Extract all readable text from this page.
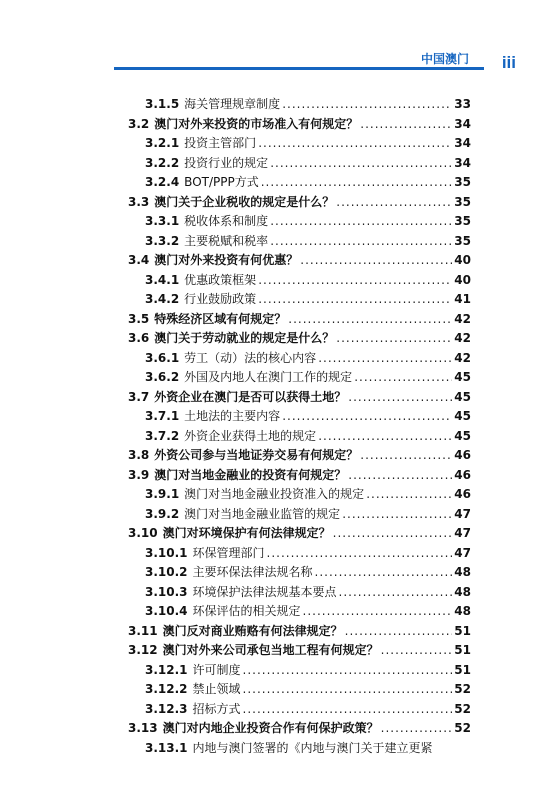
中国澳门 iii
3.1.5 海关管理规章制度 .....	33
3.2 澳门对外来投资的市场准入有何规定？ .....	34
3.2.1 投资主管部门 .....	34
3.2.2 投资行业的规定 .....	34
3.2.4 BOT/PPP方式 .....	35
3.3 澳门关于企业税收的规定是什么？ .....	35
3.3.1 税收体系和制度 .....	35
3.3.2 主要税赋和税率 .....	35
3.4 澳门对外来投资有何优惠？ .....	40
3.4.1 优惠政策框架 .....	40
3.4.2 行业鼓励政策 .....	41
3.5 特殊经济区域有何规定？ .....	42
3.6 澳门关于劳动就业的规定是什么？ .....	42
3.6.1 劳工（动）法的核心内容 .....	42
3.6.2 外国及内地人在澳门工作的规定 .....	45
3.7 外资企业在澳门是否可以获得土地？ .....	45
3.7.1 土地法的主要内容 .....	45
3.7.2 外资企业获得土地的规定 .....	45
3.8 外资公司参与当地证券交易有何规定？ .....	46
3.9 澳门对当地金融业的投资有何规定？ .....	46
3.9.1 澳门对当地金融业投资准入的规定 .....	46
3.9.2 澳门对当地金融业监管的规定 .....	47
3.10 澳门对环境保护有何法律规定？ .....	47
3.10.1 环保管理部门 .....	47
3.10.2 主要环保法律法规名称 .....	48
3.10.3 环境保护法律法规基本要点 .....	48
3.10.4 环保评估的相关规定 .....	48
3.11 澳门反对商业贿赂有何法律规定？ .....	51
3.12 澳门对外来公司承包当地工程有何规定？ .....	51
3.12.1 许可制度 .....	51
3.12.2 禁止领域 .....	52
3.12.3 招标方式 .....	52
3.13 澳门对内地企业投资合作有何保护政策？ .....	52
3.13.1 内地与澳门签署的《内地与澳门关于建立更紧
